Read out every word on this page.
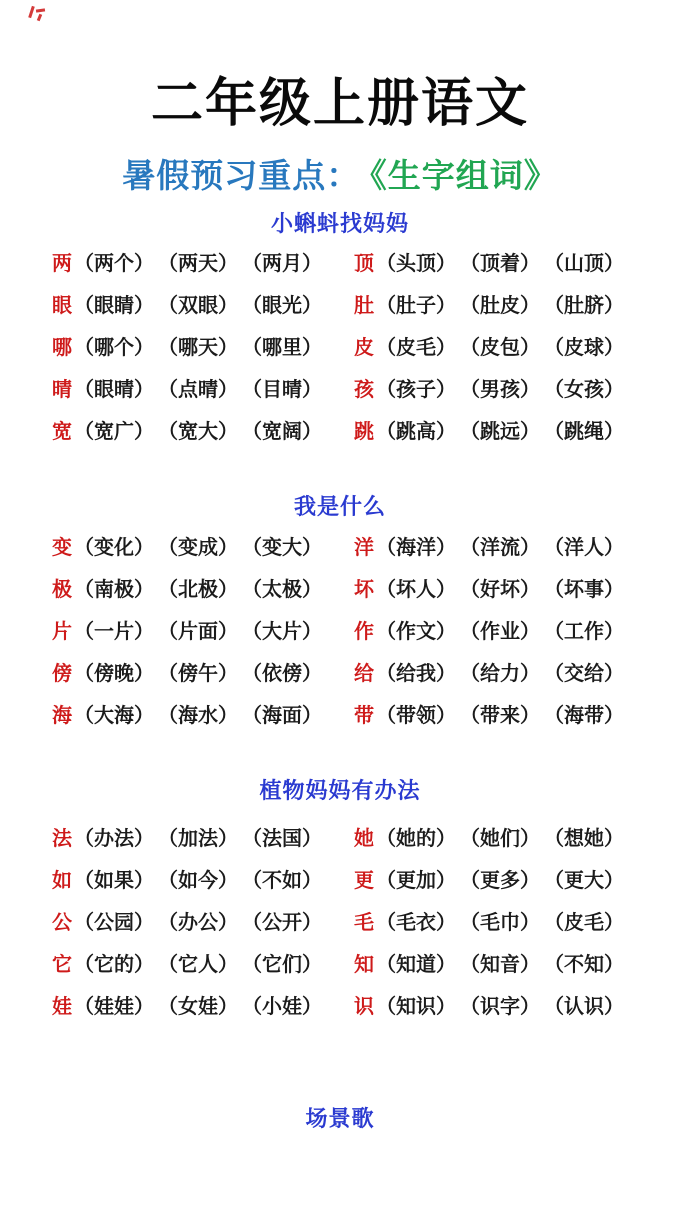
二年级上册语文
暑假预习重点： 《生字组词》
小蝌蚪找妈妈
两 （两个） （两天） （两月） 顶 （头顶） （顶着） （山顶）
眼 （眼睛） （双眼） （眼光） 肚 （肚子） （肚皮） （肚脐）
哪 （哪个） （哪天） （哪里） 皮 （皮毛） （皮包） （皮球）
晴 （眼晴） （点晴） （目晴） 孩 （孩子） （男孩） （女孩）
宽 （宽广） （宽大） （宽阔） 跳 （跳高） （跳远） （跳绳）
我是什么
变 （变化） （变成） （变大） 洋 （海洋） （洋流） （洋人）
极 （南极） （北极） （太极） 坏 （坏人） （好坏） （坏事）
片 （一片） （片面） （大片） 作 （作文） （作业） （工作）
傍 （傍晚） （傍午） （依傍） 给 （给我） （给力） （交给）
海 （大海） （海水） （海面） 带 （带领） （带来） （海带）
植物妈妈有办法
法 （办法） （加法） （法国） 她 （她的） （她们） （想她）
如 （如果） （如今） （不如） 更 （更加） （更多） （更大）
公 （公园） （办公） （公开） 毛 （毛衣） （毛巾） （皮毛）
它 （它的） （它人） （它们） 知 （知道） （知音） （不知）
娃 （娃娃） （女娃） （小娃） 识 （知识） （识字） （认识）
场景歌
